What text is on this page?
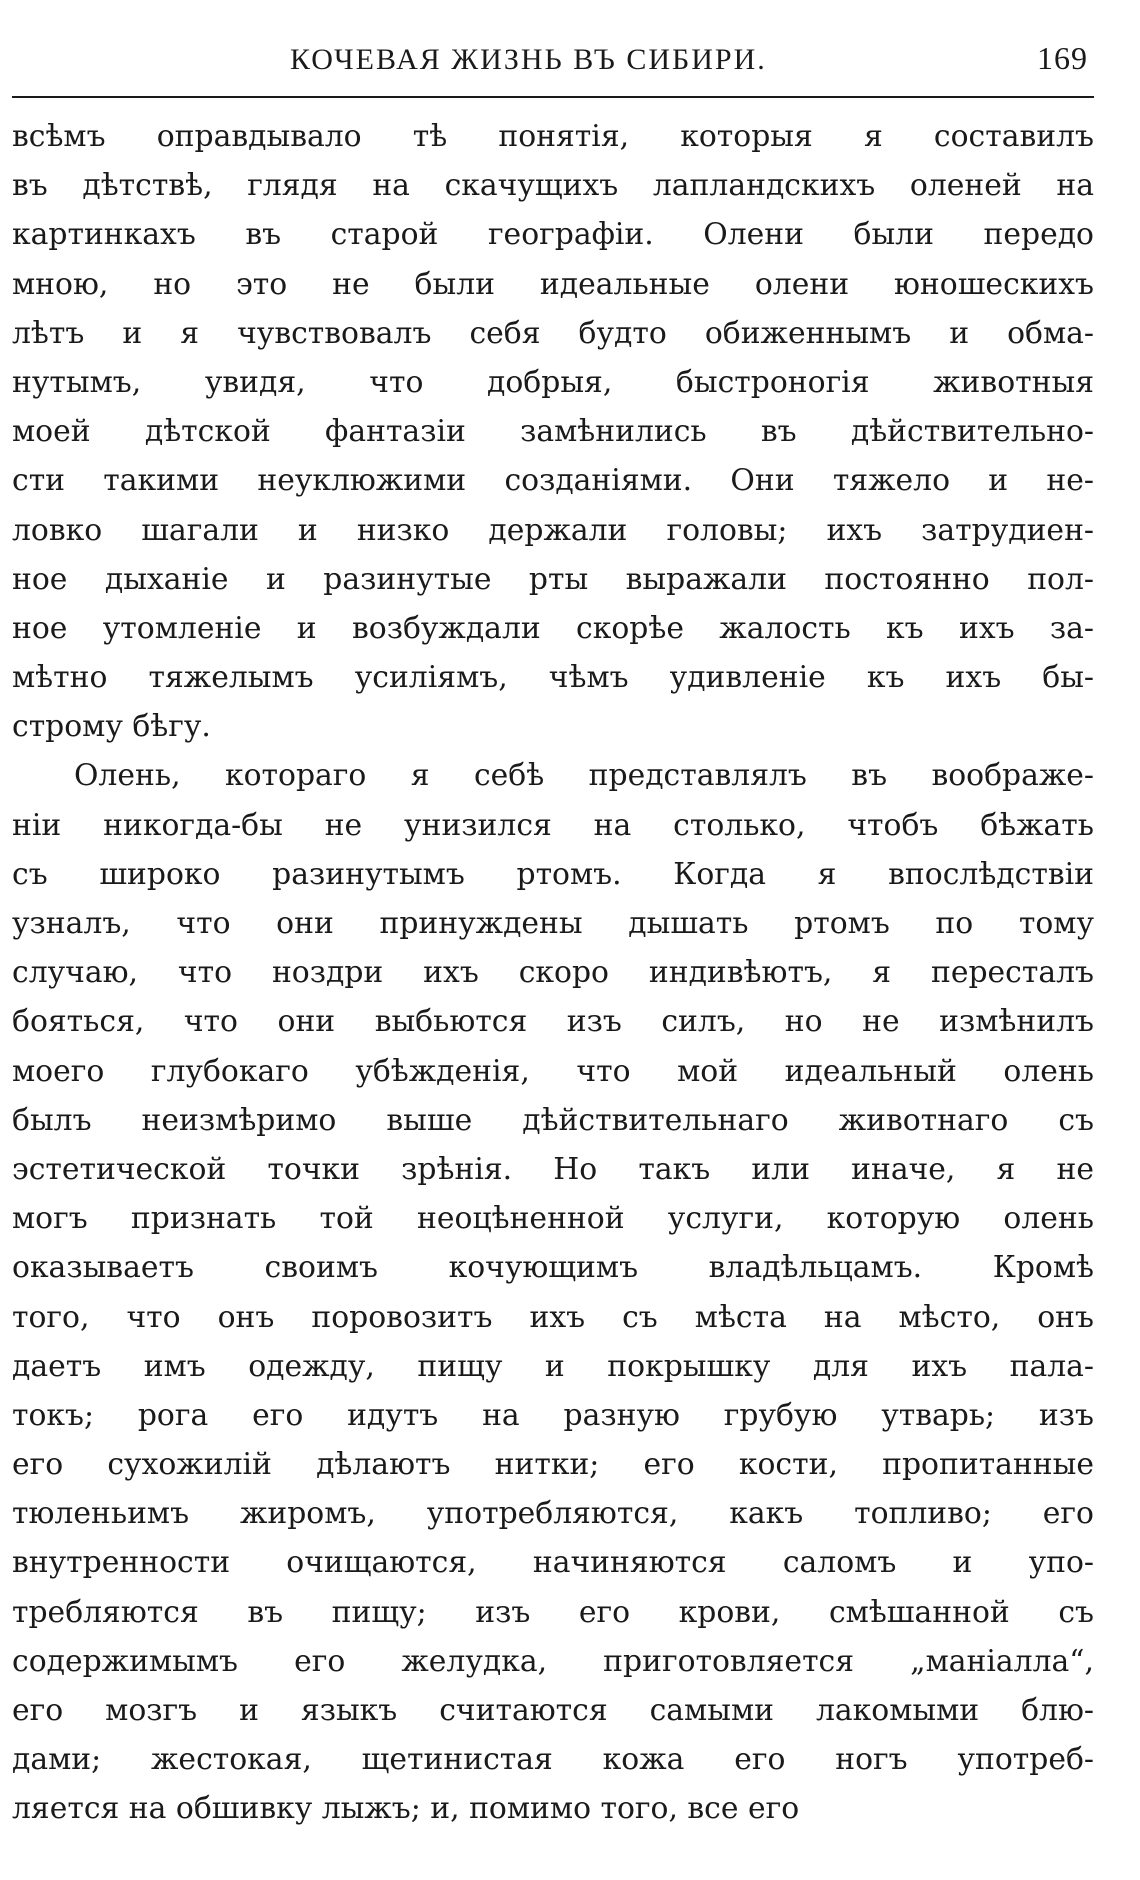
КОЧЕВАЯ ЖИЗНЬ ВЪ СИБИРИ.	169
всѣмъ оправдывало тѣ понятія, которыя я составилъ
въ дѣтствѣ, глядя на скачущихъ лапландскихъ оленей на
картинкахъ въ старой географіи. Олени были передо
мною, но это не были идеальные олени юношескихъ
лѣтъ и я чувствовалъ себя будто обиженнымъ и обма-
нутымъ, увидя, что добрыя, быстроногія животныя
моей дѣтской фантазіи замѣнились въ дѣйствительно-
сти такими неуклюжими созданіями. Они тяжело и не-
ловко шагали и низко держали головы; ихъ затрудиен-
ное дыханіе и разинутые рты выражали постоянно пол-
ное утомленіе и возбуждали скорѣе жалость къ ихъ за-
мѣтно тяжелымъ усиліямъ, чѣмъ удивленіе къ ихъ бы-
строму бѣгу.
Олень, котораго я себѣ представлялъ въ воображе-
ніи никогда-бы не унизился на столько, чтобъ бѣжать
съ широко разинутымъ ртомъ. Когда я впослѣдствіи
узналъ, что они принуждены дышать ртомъ по тому
случаю, что ноздри ихъ скоро индивѣютъ, я пересталъ
бояться, что они выбьются изъ силъ, но не измѣнилъ
моего глубокаго убѣжденія, что мой идеальный олень
былъ неизмѣримо выше дѣйствительнаго животнаго съ
эстетической точки зрѣнія. Но такъ или иначе, я не
могъ признать той неоцѣненной услуги, которую олень
оказываетъ своимъ кочующимъ владѣльцамъ. Кромѣ
того, что онъ поровозитъ ихъ съ мѣста на мѣсто, онъ
даетъ имъ одежду, пищу и покрышку для ихъ пала-
токъ; рога его идутъ на разную грубую утварь; изъ
его сухожилій дѣлаютъ нитки; его кости, пропитанные
тюленьимъ жиромъ, употребляются, какъ топливо; его
внутренности очищаются, начиняются саломъ и упо-
требляются въ пищу; изъ его крови, смѣшанной съ
содержимымъ его желудка, приготовляется „маніалла“,
его мозгъ и языкъ считаются самыми лакомыми блю-
дами; жестокая, щетинистая кожа его ногъ употреб-
ляется на обшивку лыжъ; и, помимо того, все его
